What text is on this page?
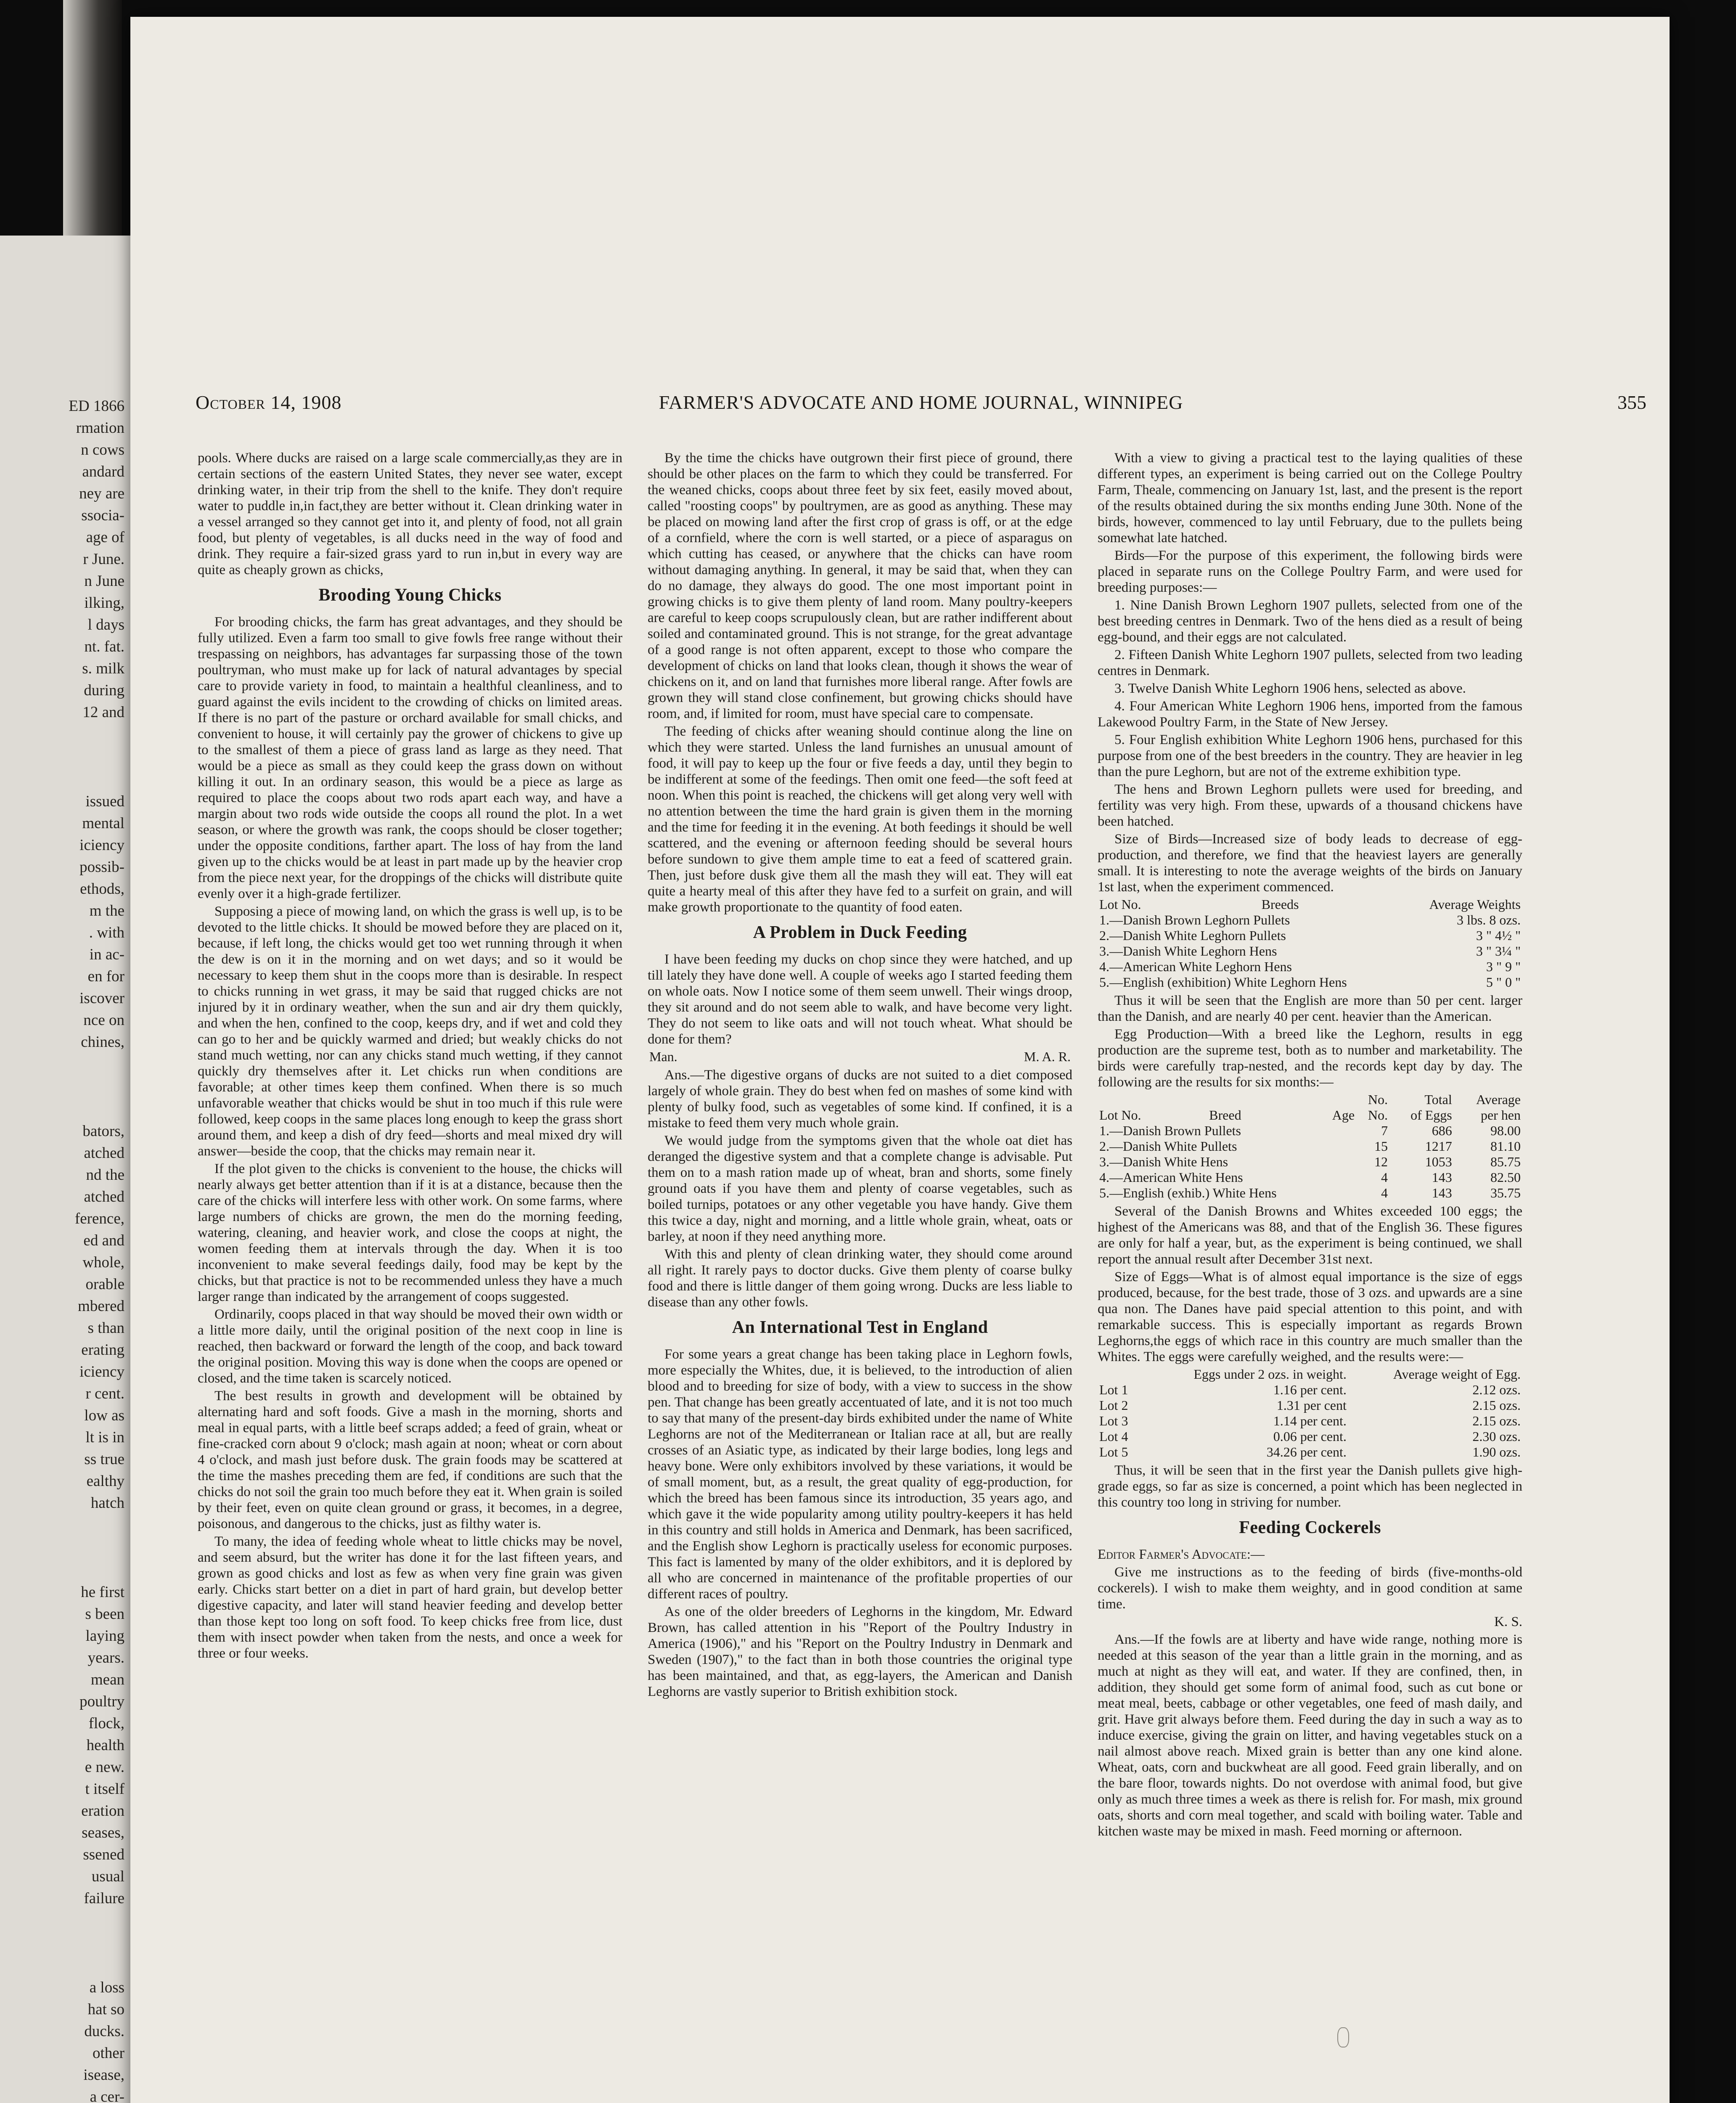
ED 1866
rmation
n cows
andard
ney are
ssocia-
age of
r June.
n June
ilking,
l days
nt. fat.
s. milk
during
12 and
issued
mental
iciency
possib-
ethods,
m the
. with
in ac-
en for
iscover
nce on
chines,
bators,
atched
nd the
atched
ference,
ed and
whole,
orable
mbered
s than
erating
iciency
r cent.
low as
lt is in
ss true
ealthy
hatch
he first
s been
laying
years.
mean
poultry
flock,
health
e new.
t itself
eration
seases,
ssened
usual
failure
a loss
hat so
ducks.
other
isease,
a cer-
October 14, 1908	FARMER'S ADVOCATE AND HOME JOURNAL, WINNIPEG	355

pools. Where ducks are raised on a large scale commercially,as they are in certain sections of the eastern United States, they never see water, except drinking water, in their trip from the shell to the knife. They don't require water to puddle in,in fact,they are better without it. Clean drinking water in a vessel arranged so they cannot get into it, and plenty of food, not all grain food, but plenty of vegetables, is all ducks need in the way of food and drink. They require a fair-sized grass yard to run in,but in every way are quite as cheaply grown as chicks,

Brooding Young Chicks

For brooding chicks, the farm has great advantages, and they should be fully utilized. Even a farm too small to give fowls free range without their trespassing on neighbors, has advantages far surpassing those of the town poultryman, who must make up for lack of natural advantages by special care to provide variety in food, to maintain a healthful cleanliness, and to guard against the evils incident to the crowding of chicks on limited areas. If there is no part of the pasture or orchard available for small chicks, and convenient to house, it will certainly pay the grower of chickens to give up to the smallest of them a piece of grass land as large as they need. That would be a piece as small as they could keep the grass down on without killing it out. In an ordinary season, this would be a piece as large as required to place the coops about two rods apart each way, and have a margin about two rods wide outside the coops all round the plot. In a wet season, or where the growth was rank, the coops should be closer together; under the opposite conditions, farther apart. The loss of hay from the land given up to the chicks would be at least in part made up by the heavier crop from the piece next year, for the droppings of the chicks will distribute quite evenly over it a high-grade fertilizer.

Supposing a piece of mowing land, on which the grass is well up, is to be devoted to the little chicks. It should be mowed before they are placed on it, because, if left long, the chicks would get too wet running through it when the dew is on it in the morning and on wet days; and so it would be necessary to keep them shut in the coops more than is desirable. In respect to chicks running in wet grass, it may be said that rugged chicks are not injured by it in ordinary weather, when the sun and air dry them quickly, and when the hen, confined to the coop, keeps dry, and if wet and cold they can go to her and be quickly warmed and dried; but weakly chicks do not stand much wetting, nor can any chicks stand much wetting, if they cannot quickly dry themselves after it. Let chicks run when conditions are favorable; at other times keep them confined. When there is so much unfavorable weather that chicks would be shut in too much if this rule were followed, keep coops in the same places long enough to keep the grass short around them, and keep a dish of dry feed—shorts and meal mixed dry will answer—beside the coop, that the chicks may remain near it.

If the plot given to the chicks is convenient to the house, the chicks will nearly always get better attention than if it is at a distance, because then the care of the chicks will interfere less with other work. On some farms, where large numbers of chicks are grown, the men do the morning feeding, watering, cleaning, and heavier work, and close the coops at night, the women feeding them at intervals through the day. When it is too inconvenient to make several feedings daily, food may be kept by the chicks, but that practice is not to be recommended unless they have a much larger range than indicated by the arrangement of coops suggested.

Ordinarily, coops placed in that way should be moved their own width or a little more daily, until the original position of the next coop in line is reached, then backward or forward the length of the coop, and back toward the original position. Moving this way is done when the coops are opened or closed, and the time taken is scarcely noticed.

The best results in growth and development will be obtained by alternating hard and soft foods. Give a mash in the morning, shorts and meal in equal parts, with a little beef scraps added; a feed of grain, wheat or fine-cracked corn about 9 o'clock; mash again at noon; wheat or corn about 4 o'clock, and mash just before dusk. The grain foods may be scattered at the time the mashes preceding them are fed, if conditions are such that the chicks do not soil the grain too much before they eat it. When grain is soiled by their feet, even on quite clean ground or grass, it becomes, in a degree, poisonous, and dangerous to the chicks, just as filthy water is.

To many, the idea of feeding whole wheat to little chicks may be novel, and seem absurd, but the writer has done it for the last fifteen years, and grown as good chicks and lost as few as when very fine grain was given early. Chicks start better on a diet in part of hard grain, but develop better digestive capacity, and later will stand heavier feeding and develop better than those kept too long on soft food. To keep chicks free from lice, dust them with insect powder when taken from the nests, and once a week for three or four weeks.

By the time the chicks have outgrown their first piece of ground, there should be other places on the farm to which they could be transferred. For the weaned chicks, coops about three feet by six feet, easily moved about, called "roosting coops" by poultrymen, are as good as anything. These may be placed on mowing land after the first crop of grass is off, or at the edge of a cornfield, where the corn is well started, or a piece of asparagus on which cutting has ceased, or anywhere that the chicks can have room without damaging anything. In general, it may be said that, when they can do no damage, they always do good. The one most important point in growing chicks is to give them plenty of land room. Many poultry-keepers are careful to keep coops scrupulously clean, but are rather indifferent about soiled and contaminated ground. This is not strange, for the great advantage of a good range is not often apparent, except to those who compare the development of chicks on land that looks clean, though it shows the wear of chickens on it, and on land that furnishes more liberal range. After fowls are grown they will stand close confinement, but growing chicks should have room, and, if limited for room, must have special care to compensate.

The feeding of chicks after weaning should continue along the line on which they were started. Unless the land furnishes an unusual amount of food, it will pay to keep up the four or five feeds a day, until they begin to be indifferent at some of the feedings. Then omit one feed—the soft feed at noon. When this point is reached, the chickens will get along very well with no attention between the time the hard grain is given them in the morning and the time for feeding it in the evening. At both feedings it should be well scattered, and the evening or afternoon feeding should be several hours before sundown to give them ample time to eat a feed of scattered grain. Then, just before dusk give them all the mash they will eat. They will eat quite a hearty meal of this after they have fed to a surfeit on grain, and will make growth proportionate to the quantity of food eaten.

A Problem in Duck Feeding

I have been feeding my ducks on chop since they were hatched, and up till lately they have done well. A couple of weeks ago I started feeding them on whole oats. Now I notice some of them seem unwell. Their wings droop, they sit around and do not seem able to walk, and have become very light. They do not seem to like oats and will not touch wheat. What should be done for them?

Man.	M. A. R.

Ans.—The digestive organs of ducks are not suited to a diet composed largely of whole grain. They do best when fed on mashes of some kind with plenty of bulky food, such as vegetables of some kind. If confined, it is a mistake to feed them very much whole grain.

We would judge from the symptoms given that the whole oat diet has deranged the digestive system and that a complete change is advisable. Put them on to a mash ration made up of wheat, bran and shorts, some finely ground oats if you have them and plenty of coarse vegetables, such as boiled turnips, potatoes or any other vegetable you have handy. Give them this twice a day, night and morning, and a little whole grain, wheat, oats or barley, at noon if they need anything more.

With this and plenty of clean drinking water, they should come around all right. It rarely pays to doctor ducks. Give them plenty of coarse bulky food and there is little danger of them going wrong. Ducks are less liable to disease than any other fowls.

An International Test in England

For some years a great change has been taking place in Leghorn fowls, more especially the Whites, due, it is believed, to the introduction of alien blood and to breeding for size of body, with a view to success in the show pen. That change has been greatly accentuated of late, and it is not too much to say that many of the present-day birds exhibited under the name of White Leghorns are not of the Mediterranean or Italian race at all, but are really crosses of an Asiatic type, as indicated by their large bodies, long legs and heavy bone. Were only exhibitors involved by these variations, it would be of small moment, but, as a result, the great quality of egg-production, for which the breed has been famous since its introduction, 35 years ago, and which gave it the wide popularity among utility poultry-keepers it has held in this country and still holds in America and Denmark, has been sacrificed, and the English show Leghorn is practically useless for economic purposes. This fact is lamented by many of the older exhibitors, and it is deplored by all who are concerned in maintenance of the profitable properties of our different races of poultry.

As one of the older breeders of Leghorns in the kingdom, Mr. Edward Brown, has called attention in his "Report of the Poultry Industry in America (1906)," and his "Report on the Poultry Industry in Denmark and Sweden (1907)," to the fact than in both those countries the original type has been maintained, and that, as egg-layers, the American and Danish Leghorns are vastly superior to British exhibition stock.

With a view to giving a practical test to the laying qualities of these different types, an experiment is being carried out on the College Poultry Farm, Theale, commencing on January 1st, last, and the present is the report of the results obtained during the six months ending June 30th. None of the birds, however, commenced to lay until February, due to the pullets being somewhat late hatched.

Birds—For the purpose of this experiment, the following birds were placed in separate runs on the College Poultry Farm, and were used for breeding purposes:—

1. Nine Danish Brown Leghorn 1907 pullets, selected from one of the best breeding centres in Denmark. Two of the hens died as a result of being egg-bound, and their eggs are not calculated.

2. Fifteen Danish White Leghorn 1907 pullets, selected from two leading centres in Denmark.

3. Twelve Danish White Leghorn 1906 hens, selected as above.

4. Four American White Leghorn 1906 hens, imported from the famous Lakewood Poultry Farm, in the State of New Jersey.

5. Four English exhibition White Leghorn 1906 hens, purchased for this purpose from one of the best breeders in the country. They are heavier in leg than the pure Leghorn, but are not of the extreme exhibition type.

The hens and Brown Leghorn pullets were used for breeding, and fertility was very high. From these, upwards of a thousand chickens have been hatched.

Size of Birds—Increased size of body leads to decrease of egg-production, and therefore, we find that the heaviest layers are generally small. It is interesting to note the average weights of the birds on January 1st last, when the experiment commenced.

Lot No.	Breeds	Average Weights
1.—Danish Brown Leghorn Pullets		3 lbs. 8 ozs.
2.—Danish White Leghorn Pullets		3 " 4½ "
3.—Danish White Leghorn Hens		3 " 3¼ "
4.—American White Leghorn Hens		3 " 9 "
5.—English (exhibition) White Leghorn Hens		5 " 0 "

Thus it will be seen that the English are more than 50 per cent. larger than the Danish, and are nearly 40 per cent. heavier than the American.

Egg Production—With a breed like the Leghorn, results in egg production are the supreme test, both as to number and marketability. The birds were carefully trap-nested, and the records kept day by day. The following are the results for six months:—

			No.	Total	Average
Lot No.	Breed	Age	No.	of Eggs	per hen
1.—Danish Brown Pullets			7	686	98.00
2.—Danish White Pullets			15	1217	81.10
3.—Danish White Hens			12	1053	85.75
4.—American White Hens			4	143	82.50
5.—English (exhib.) White Hens			4	143	35.75

Several of the Danish Browns and Whites exceeded 100 eggs; the highest of the Americans was 88, and that of the English 36. These figures are only for half a year, but, as the experiment is being continued, we shall report the annual result after December 31st next.

Size of Eggs—What is of almost equal importance is the size of eggs produced, because, for the best trade, those of 3 ozs. and upwards are a sine qua non. The Danes have paid special attention to this point, and with remarkable success. This is especially important as regards Brown Leghorns,the eggs of which race in this country are much smaller than the Whites. The eggs were carefully weighed, and the results were:—

	Eggs under 2 ozs. in weight.	Average weight of Egg.
Lot 1	1.16 per cent.	2.12 ozs.
Lot 2	1.31 per cent	2.15 ozs.
Lot 3	1.14 per cent.	2.15 ozs.
Lot 4	0.06 per cent.	2.30 ozs.
Lot 5	34.26 per cent.	1.90 ozs.

Thus, it will be seen that in the first year the Danish pullets give high-grade eggs, so far as size is concerned, a point which has been neglected in this country too long in striving for number.

Feeding Cockerels

Editor Farmer's Advocate:—

Give me instructions as to the feeding of birds (five-months-old cockerels). I wish to make them weighty, and in good condition at same time.

K. S.

Ans.—If the fowls are at liberty and have wide range, nothing more is needed at this season of the year than a little grain in the morning, and as much at night as they will eat, and water. If they are confined, then, in addition, they should get some form of animal food, such as cut bone or meat meal, beets, cabbage or other vegetables, one feed of mash daily, and grit. Have grit always before them. Feed during the day in such a way as to induce exercise, giving the grain on litter, and having vegetables stuck on a nail almost above reach. Mixed grain is better than any one kind alone. Wheat, oats, corn and buckwheat are all good. Feed grain liberally, and on the bare floor, towards nights. Do not overdose with animal food, but give only as much three times a week as there is relish for. For mash, mix ground oats, shorts and corn meal together, and scald with boiling water. Table and kitchen waste may be mixed in mash. Feed morning or afternoon.
